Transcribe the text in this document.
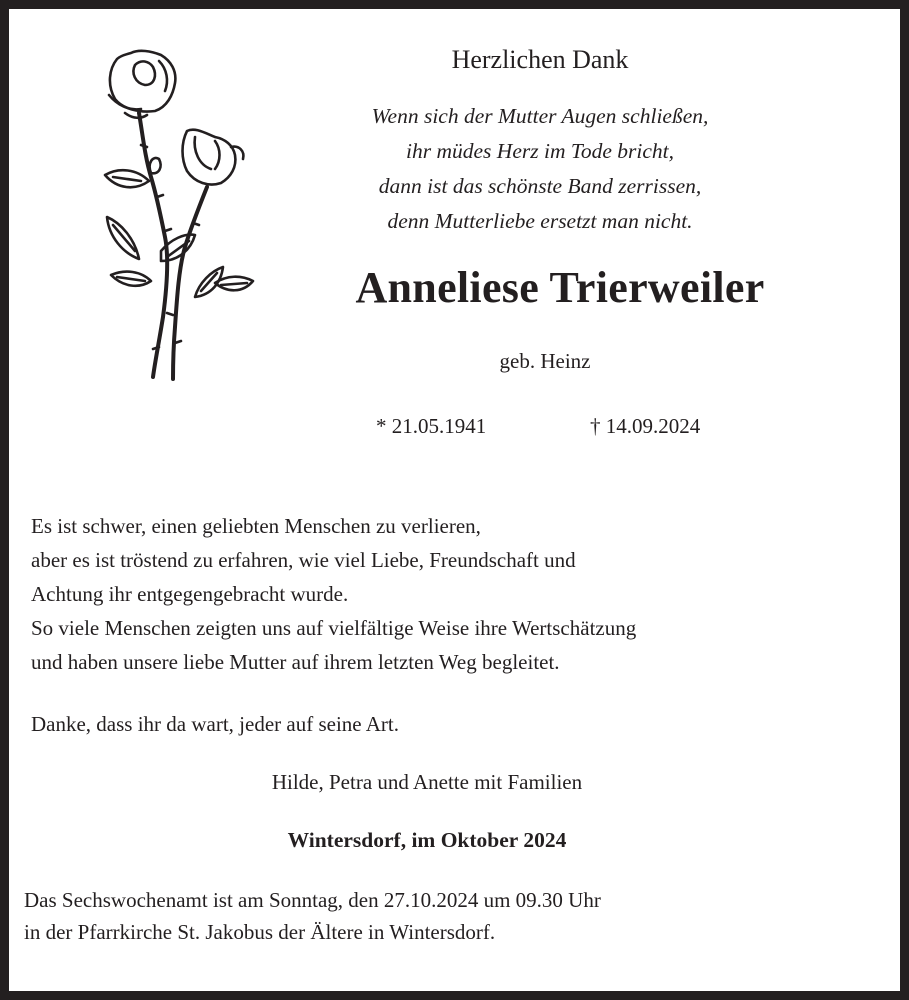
Herzlichen Dank
Wenn sich der Mutter Augen schließen,
ihr müdes Herz im Tode bricht,
dann ist das schönste Band zerrissen,
denn Mutterliebe ersetzt man nicht.
Anneliese Trierweiler
geb. Heinz
* 21.05.1941	† 14.09.2024
Es ist schwer, einen geliebten Menschen zu verlieren,
aber es ist tröstend zu erfahren, wie viel Liebe, Freundschaft und
Achtung ihr entgegengebracht wurde.
So viele Menschen zeigten uns auf vielfältige Weise ihre Wertschätzung
und haben unsere liebe Mutter auf ihrem letzten Weg begleitet.
Danke, dass ihr da wart, jeder auf seine Art.
Hilde, Petra und Anette mit Familien
Wintersdorf, im Oktober 2024
Das Sechswochenamt ist am Sonntag, den 27.10.2024 um 09.30 Uhr
in der Pfarrkirche St. Jakobus der Ältere in Wintersdorf.
